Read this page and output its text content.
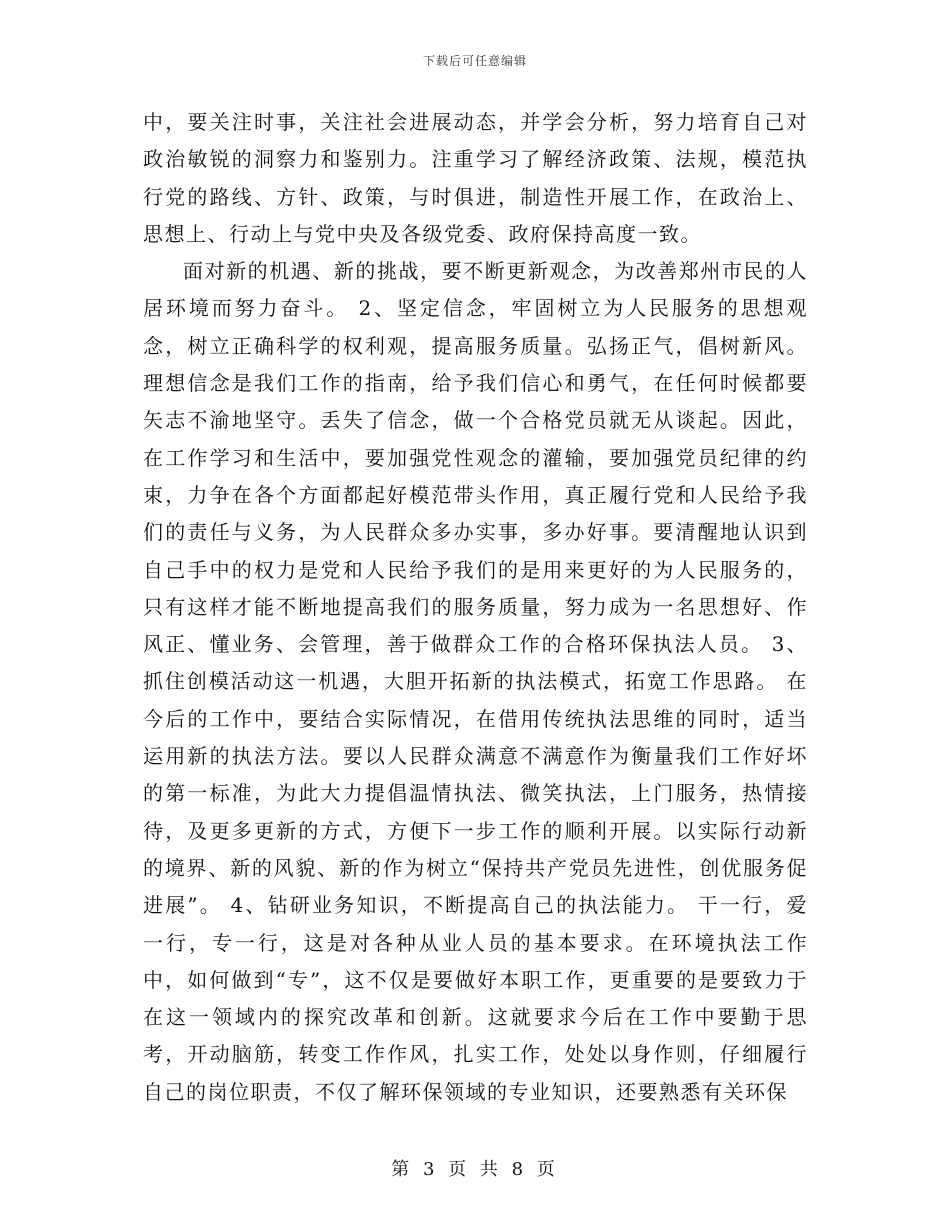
下载后可任意编辑

中，要关注时事，关注社会进展动态，并学会分析，努力培育自己对政治敏锐的洞察力和鉴别力。注重学习了解经济政策、法规，模范执行党的路线、方针、政策，与时俱进，制造性开展工作，在政治上、思想上、行动上与党中央及各级党委、政府保持高度一致。

面对新的机遇、新的挑战，要不断更新观念，为改善郑州市民的人居环境而努力奋斗。 2、坚定信念，牢固树立为人民服务的思想观念，树立正确科学的权利观，提高服务质量。弘扬正气，倡树新风。理想信念是我们工作的指南，给予我们信心和勇气，在任何时候都要矢志不渝地坚守。丢失了信念，做一个合格党员就无从谈起。因此，在工作学习和生活中，要加强党性观念的灌输，要加强党员纪律的约束，力争在各个方面都起好模范带头作用，真正履行党和人民给予我们的责任与义务，为人民群众多办实事，多办好事。要清醒地认识到自己手中的权力是党和人民给予我们的是用来更好的为人民服务的，只有这样才能不断地提高我们的服务质量，努力成为一名思想好、作风正、懂业务、会管理，善于做群众工作的合格环保执法人员。 3、抓住创模活动这一机遇，大胆开拓新的执法模式，拓宽工作思路。 在今后的工作中，要结合实际情况，在借用传统执法思维的同时，适当运用新的执法方法。要以人民群众满意不满意作为衡量我们工作好坏的第一标准，为此大力提倡温情执法、微笑执法，上门服务，热情接待，及更多更新的方式，方便下一步工作的顺利开展。以实际行动新的境界、新的风貌、新的作为树立“保持共产党员先进性，创优服务促进展”。 4、钻研业务知识，不断提高自己的执法能力。 干一行，爱一行，专一行，这是对各种从业人员的基本要求。在环境执法工作中，如何做到“专”，这不仅是要做好本职工作，更重要的是要致力于在这一领域内的探究改革和创新。这就要求今后在工作中要勤于思考，开动脑筋，转变工作作风，扎实工作，处处以身作则，仔细履行自己的岗位职责，不仅了解环保领域的专业知识，还要熟悉有关环保

第 3 页 共 8 页
